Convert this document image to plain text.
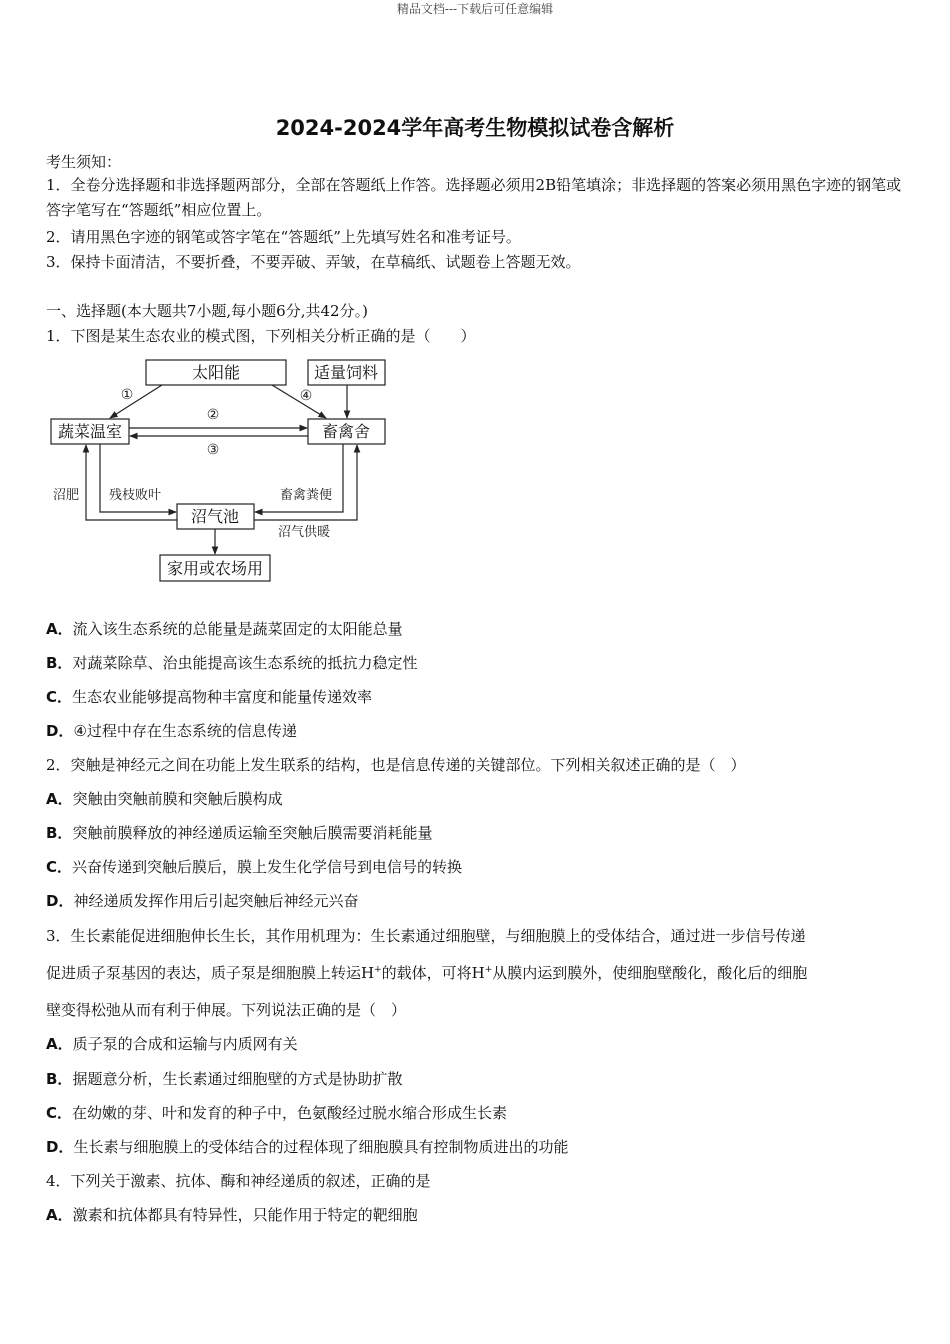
精品文档---下载后可任意编辑
2024-2024学年高考生物模拟试卷含解析
考生须知：
1．全卷分选择题和非选择题两部分，全部在答题纸上作答。选择题必须用2B铅笔填涂；非选择题的答案必须用黑色字迹的钢笔或答字笔写在“答题纸”相应位置上。
2．请用黑色字迹的钢笔或答字笔在“答题纸”上先填写姓名和准考证号。
3．保持卡面清洁，不要折叠，不要弄破、弄皱，在草稿纸、试题卷上答题无效。
一、选择题(本大题共7小题,每小题6分,共42分。)
1．下图是某生态农业的模式图，下列相关分析正确的是（　　）
太阳能	适量饲料
蔬菜温室	畜禽舍
沼气池
家用或农场用
①
②
③
④
沼肥 残枝败叶	畜禽粪便
沼气供暖
A．流入该生态系统的总能量是蔬菜固定的太阳能总量
B．对蔬菜除草、治虫能提高该生态系统的抵抗力稳定性
C．生态农业能够提高物种丰富度和能量传递效率
D．④过程中存在生态系统的信息传递
2．突触是神经元之间在功能上发生联系的结构，也是信息传递的关键部位。下列相关叙述正确的是（　）
A．突触由突触前膜和突触后膜构成
B．突触前膜释放的神经递质运输至突触后膜需要消耗能量
C．兴奋传递到突触后膜后，膜上发生化学信号到电信号的转换
D．神经递质发挥作用后引起突触后神经元兴奋
3．生长素能促进细胞伸长生长，其作用机理为：生长素通过细胞壁，与细胞膜上的受体结合，通过进一步信号传递
促进质子泵基因的表达，质子泵是细胞膜上转运H+的载体，可将H+从膜内运到膜外，使细胞壁酸化，酸化后的细胞
壁变得松弛从而有利于伸展。下列说法正确的是（　）
A．质子泵的合成和运输与内质网有关
B．据题意分析，生长素通过细胞壁的方式是协助扩散
C．在幼嫩的芽、叶和发育的种子中，色氨酸经过脱水缩合形成生长素
D．生长素与细胞膜上的受体结合的过程体现了细胞膜具有控制物质进出的功能
4．下列关于激素、抗体、酶和神经递质的叙述，正确的是
A．激素和抗体都具有特异性，只能作用于特定的靶细胞
